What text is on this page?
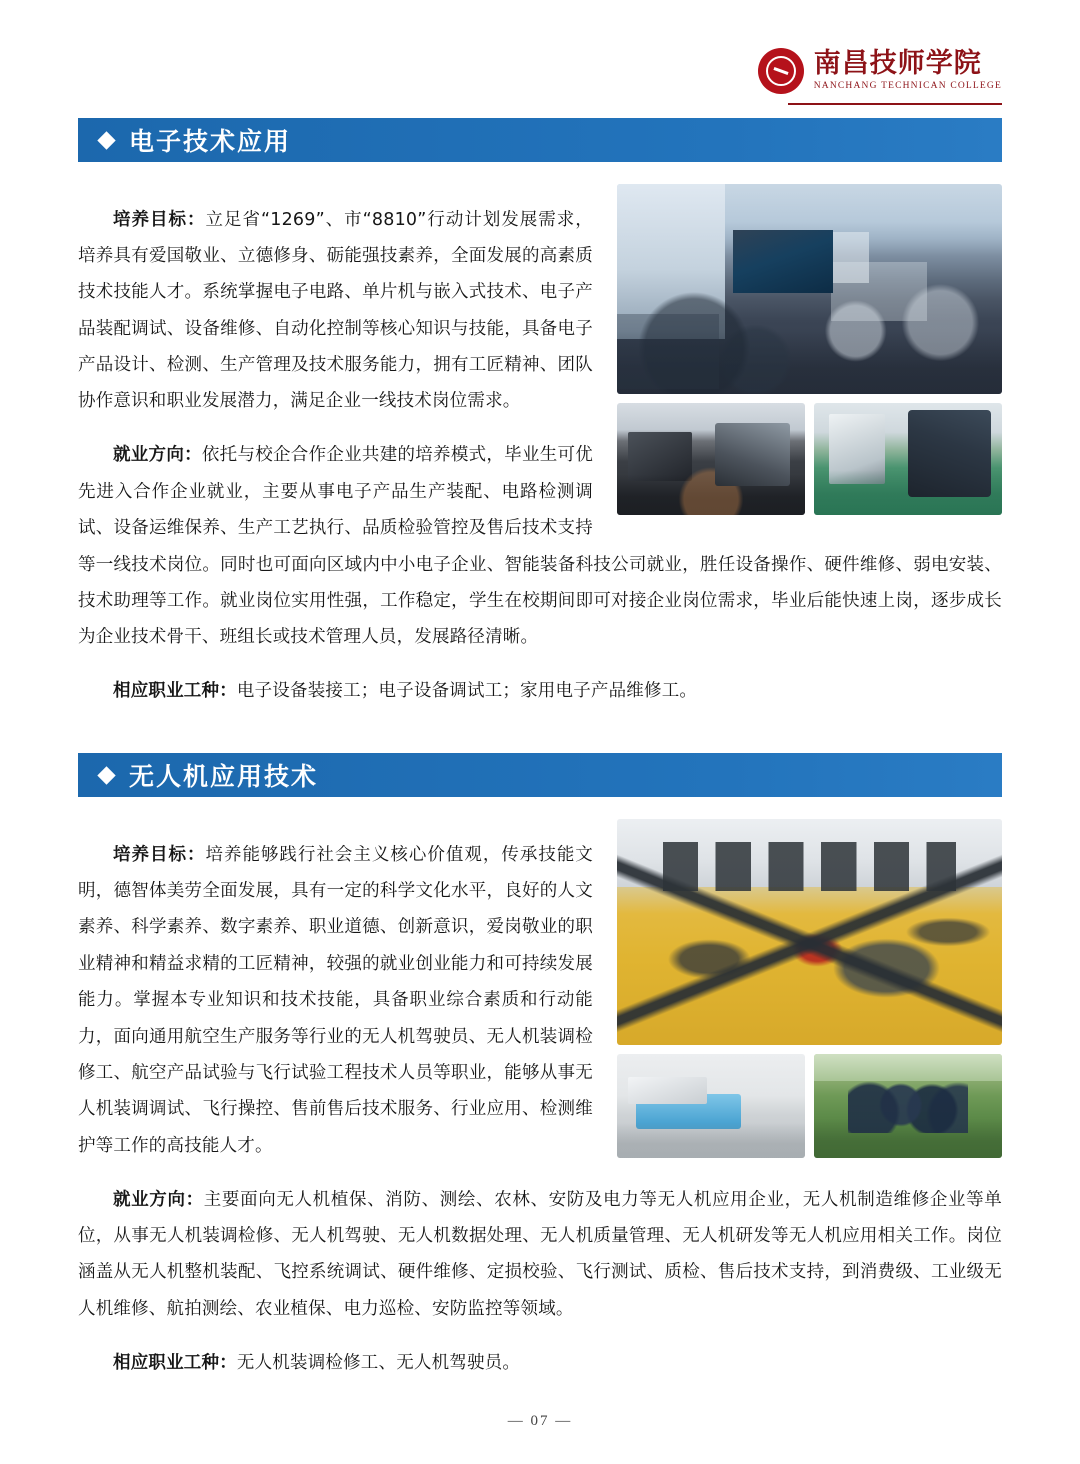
南昌技师学院
NANCHANG TECHNICAN COLLEGE
电子技术应用

培养目标：立足省“1269”、市“8810”行动计划发展需求，培养具有爱国敬业、立德修身、砺能强技素养，全面发展的高素质技术技能人才。系统掌握电子电路、单片机与嵌入式技术、电子产品装配调试、设备维修、自动化控制等核心知识与技能，具备电子产品设计、检测、生产管理及技术服务能力，拥有工匠精神、团队协作意识和职业发展潜力，满足企业一线技术岗位需求。

就业方向：依托与校企合作企业共建的培养模式，毕业生可优先进入合作企业就业，主要从事电子产品生产装配、电路检测调试、设备运维保养、生产工艺执行、品质检验管控及售后技术支持等一线技术岗位。同时也可面向区域内中小电子企业、智能装备科技公司就业，胜任设备操作、硬件维修、弱电安装、技术助理等工作。就业岗位实用性强，工作稳定，学生在校期间即可对接企业岗位需求，毕业后能快速上岗，逐步成长为企业技术骨干、班组长或技术管理人员，发展路径清晰。

相应职业工种：电子设备装接工；电子设备调试工；家用电子产品维修工。

无人机应用技术

培养目标：培养能够践行社会主义核心价值观，传承技能文明，德智体美劳全面发展，具有一定的科学文化水平，良好的人文素养、科学素养、数字素养、职业道德、创新意识，爱岗敬业的职业精神和精益求精的工匠精神，较强的就业创业能力和可持续发展能力。掌握本专业知识和技术技能，具备职业综合素质和行动能力，面向通用航空生产服务等行业的无人机驾驶员、无人机装调检修工、航空产品试验与飞行试验工程技术人员等职业，能够从事无人机装调调试、飞行操控、售前售后技术服务、行业应用、检测维护等工作的高技能人才。

就业方向：主要面向无人机植保、消防、测绘、农林、安防及电力等无人机应用企业，无人机制造维修企业等单位，从事无人机装调检修、无人机驾驶、无人机数据处理、无人机质量管理、无人机研发等无人机应用相关工作。岗位涵盖从无人机整机装配、飞控系统调试、硬件维修、定损校验、飞行测试、质检、售后技术支持，到消费级、工业级无人机维修、航拍测绘、农业植保、电力巡检、安防监控等领域。

相应职业工种：无人机装调检修工、无人机驾驶员。

— 07 —
